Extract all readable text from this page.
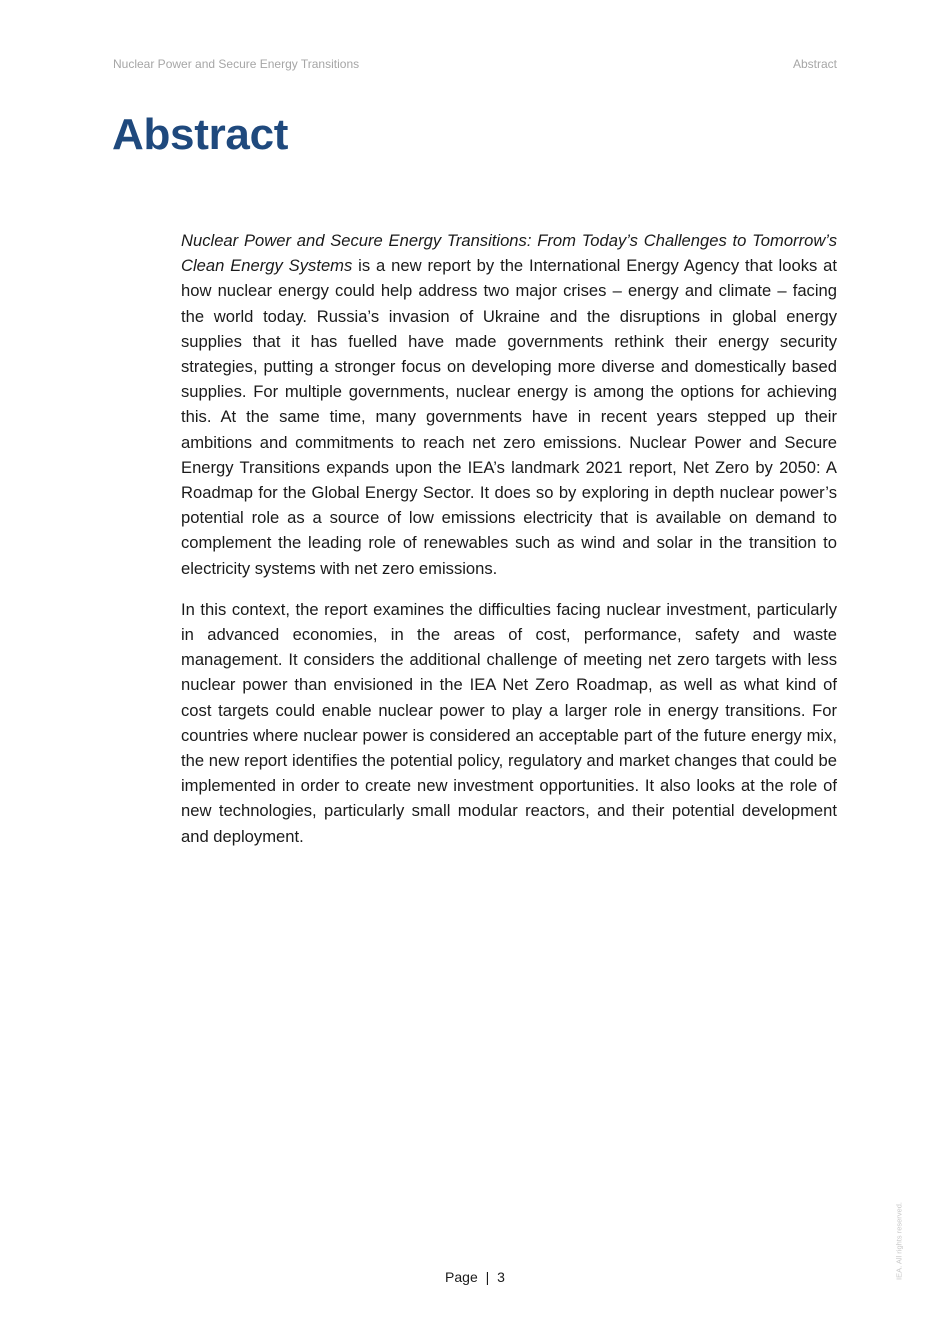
Nuclear Power and Secure Energy Transitions	Abstract
Abstract

Nuclear Power and Secure Energy Transitions: From Today’s Challenges to Tomorrow’s Clean Energy Systems is a new report by the International Energy Agency that looks at how nuclear energy could help address two major crises – energy and climate – facing the world today. Russia’s invasion of Ukraine and the disruptions in global energy supplies that it has fuelled have made governments rethink their energy security strategies, putting a stronger focus on developing more diverse and domestically based supplies. For multiple governments, nuclear energy is among the options for achieving this. At the same time, many governments have in recent years stepped up their ambitions and commitments to reach net zero emissions. Nuclear Power and Secure Energy Transitions expands upon the IEA’s landmark 2021 report, Net Zero by 2050: A Roadmap for the Global Energy Sector. It does so by exploring in depth nuclear power’s potential role as a source of low emissions electricity that is available on demand to complement the leading role of renewables such as wind and solar in the transition to electricity systems with net zero emissions.

In this context, the report examines the difficulties facing nuclear investment, particularly in advanced economies, in the areas of cost, performance, safety and waste management. It considers the additional challenge of meeting net zero targets with less nuclear power than envisioned in the IEA Net Zero Roadmap, as well as what kind of cost targets could enable nuclear power to play a larger role in energy transitions. For countries where nuclear power is considered an acceptable part of the future energy mix, the new report identifies the potential policy, regulatory and market changes that could be implemented in order to create new investment opportunities. It also looks at the role of new technologies, particularly small modular reactors, and their potential development and deployment.

Page | 3	IEA. All rights reserved.
